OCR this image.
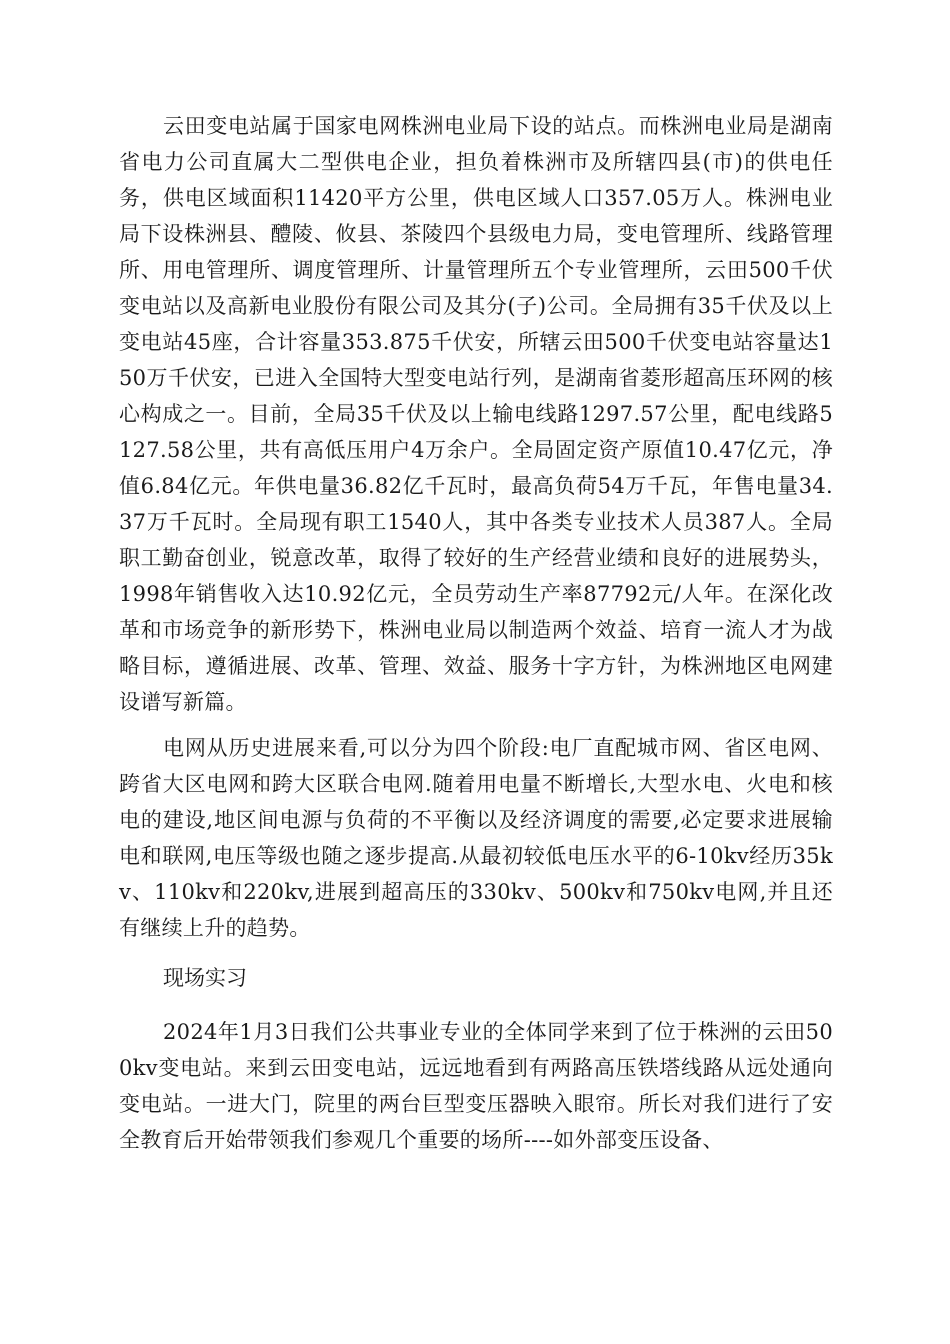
云田变电站属于国家电网株洲电业局下设的站点。而株洲电业局是湖南省电力公司直属大二型供电企业，担负着株洲市及所辖四县(市)的供电任务，供电区域面积11420平方公里，供电区域人口357.05万人。株洲电业局下设株洲县、醴陵、攸县、茶陵四个县级电力局，变电管理所、线路管理所、用电管理所、调度管理所、计量管理所五个专业管理所，云田500千伏变电站以及高新电业股份有限公司及其分(子)公司。全局拥有35千伏及以上变电站45座，合计容量353.875千伏安，所辖云田500千伏变电站容量达150万千伏安，已进入全国特大型变电站行列，是湖南省菱形超高压环网的核心构成之一。目前，全局35千伏及以上输电线路1297.57公里，配电线路5127.58公里，共有高低压用户4万余户。全局固定资产原值10.47亿元，净值6.84亿元。年供电量36.82亿千瓦时，最高负荷54万千瓦，年售电量34.37万千瓦时。全局现有职工1540人，其中各类专业技术人员387人。全局职工勤奋创业，锐意改革，取得了较好的生产经营业绩和良好的进展势头，1998年销售收入达10.92亿元，全员劳动生产率87792元/人年。在深化改革和市场竞争的新形势下，株洲电业局以制造两个效益、培育一流人才为战略目标，遵循进展、改革、管理、效益、服务十字方针，为株洲地区电网建设谱写新篇。

电网从历史进展来看,可以分为四个阶段:电厂直配城市网、省区电网、跨省大区电网和跨大区联合电网.随着用电量不断增长,大型水电、火电和核电的建设,地区间电源与负荷的不平衡以及经济调度的需要,必定要求进展输电和联网,电压等级也随之逐步提高.从最初较低电压水平的6-10kv经历35kv、110kv和220kv,进展到超高压的330kv、500kv和750kv电网,并且还有继续上升的趋势。

现场实习

2024年1月3日我们公共事业专业的全体同学来到了位于株洲的云田500kv变电站。来到云田变电站，远远地看到有两路高压铁塔线路从远处通向变电站。一进大门，院里的两台巨型变压器映入眼帘。所长对我们进行了安全教育后开始带领我们参观几个重要的场所----如外部变压设备、
